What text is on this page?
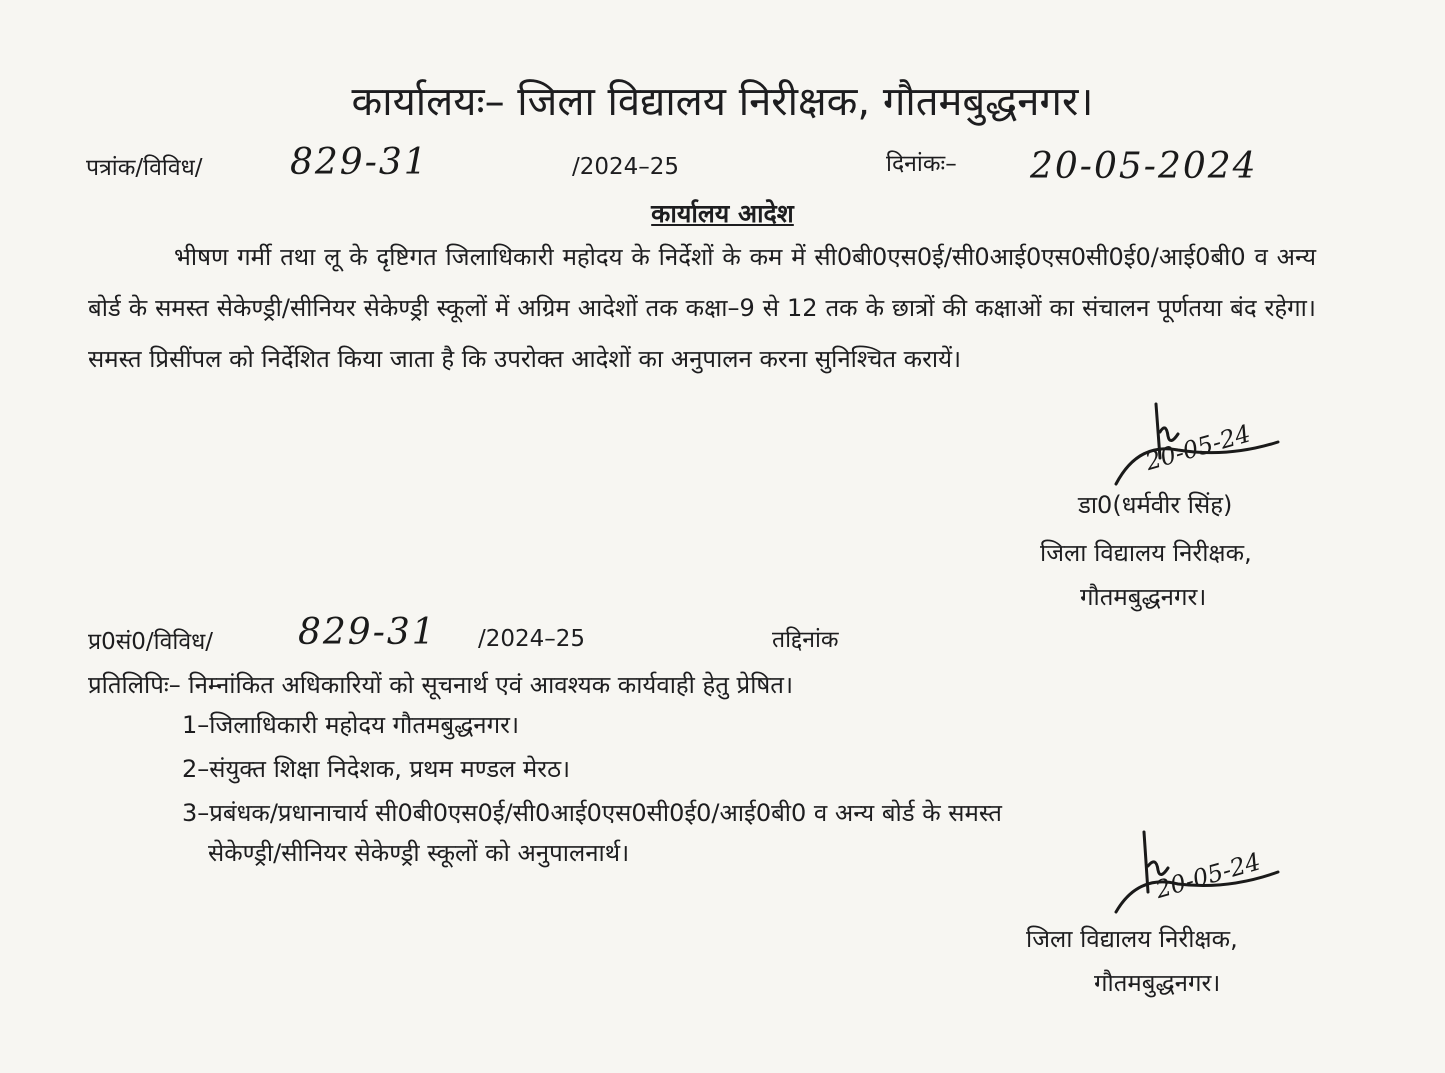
कार्यालयः– जिला विद्यालय निरीक्षक, गौतमबुद्धनगर।
पत्रांक/विविध/ 829-31	/2024–25	दिनांकः– 20-05-2024
कार्यालय आदेश

भीषण गर्मी तथा लू के दृष्टिगत जिलाधिकारी महोदय के निर्देशों के कम में सी0बी0एस0ई/सी0आई0एस0सी0ई0/आई0बी0 व अन्य बोर्ड के समस्त सेकेण्ड्री/सीनियर सेकेण्ड्री स्कूलों में अग्रिम आदेशों तक कक्षा–9 से 12 तक के छात्रों की कक्षाओं का संचालन पूर्णतया बंद रहेगा। समस्त प्रिसींपल को निर्देशित किया जाता है कि उपरोक्त आदेशों का अनुपालन करना सुनिश्चित करायें।

20-05-24
डा0(धर्मवीर सिंह)
जिला विद्यालय निरीक्षक,
गौतमबुद्धनगर।
प्र0सं0/विविध/ 829-31 /2024–25	तद्दिनांक
प्रतिलिपिः– निम्नांकित अधिकारियों को सूचनार्थ एवं आवश्यक कार्यवाही हेतु प्रेषित।
1–जिलाधिकारी महोदय गौतमबुद्धनगर।
2–संयुक्त शिक्षा निदेशक, प्रथम मण्डल मेरठ।
3–प्रबंधक/प्रधानाचार्य सी0बी0एस0ई/सी0आई0एस0सी0ई0/आई0बी0 व अन्य बोर्ड के समस्त
सेकेण्ड्री/सीनियर सेकेण्ड्री स्कूलों को अनुपालनार्थ।	20-05-24
जिला विद्यालय निरीक्षक,
गौतमबुद्धनगर।
